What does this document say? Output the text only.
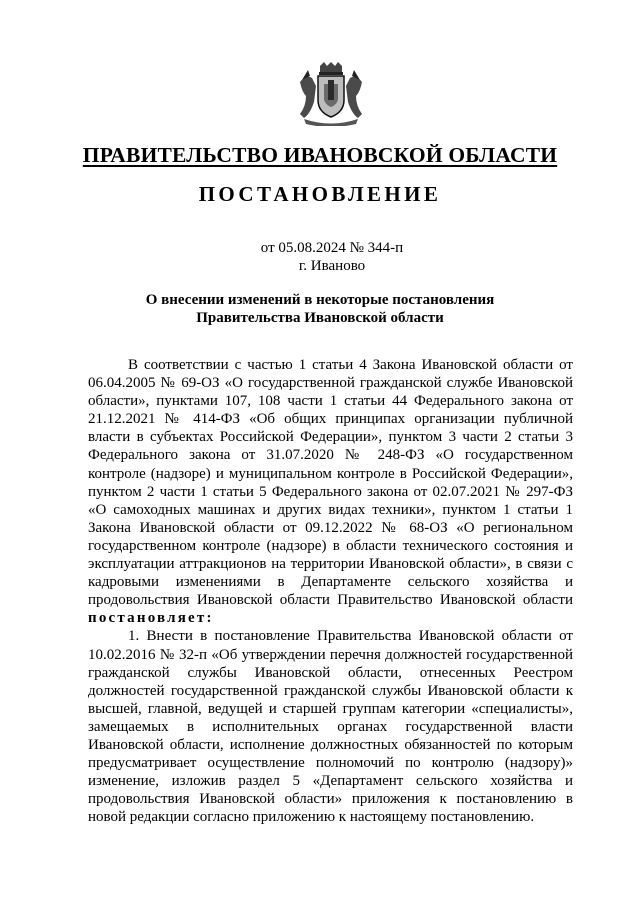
ПРАВИТЕЛЬСТВО ИВАНОВСКОЙ ОБЛАСТИ
ПОСТАНОВЛЕНИЕ
от 05.08.2024 № 344-п
г. Иваново
О внесении изменений в некоторые постановления
Правительства Ивановской области

В соответствии с частью 1 статьи 4 Закона Ивановской области от 06.04.2005 № 69-ОЗ «О государственной гражданской службе Ивановской области», пунктами 107, 108 части 1 статьи 44 Федерального закона от 21.12.2021 № 414-ФЗ «Об общих принципах организации публичной власти в субъектах Российской Федерации», пунктом 3 части 2 статьи 3 Федерального закона от 31.07.2020 № 248-ФЗ «О государственном контроле (надзоре) и муниципальном контроле в Российской Федерации», пунктом 2 части 1 статьи 5 Федерального закона от 02.07.2021 № 297-ФЗ «О самоходных машинах и других видах техники», пунктом 1 статьи 1 Закона Ивановской области от 09.12.2022 № 68-ОЗ «О региональном государственном контроле (надзоре) в области технического состояния и эксплуатации аттракционов на территории Ивановской области», в связи с кадровыми изменениями в Департаменте сельского хозяйства и продовольствия Ивановской области Правительство Ивановской области постановляет:

1. Внести в постановление Правительства Ивановской области от 10.02.2016 № 32-п «Об утверждении перечня должностей государственной гражданской службы Ивановской области, отнесенных Реестром должностей государственной гражданской службы Ивановской области к высшей, главной, ведущей и старшей группам категории «специалисты», замещаемых в исполнительных органах государственной власти Ивановской области, исполнение должностных обязанностей по которым предусматривает осуществление полномочий по контролю (надзору)» изменение, изложив раздел 5 «Департамент сельского хозяйства и продовольствия Ивановской области» приложения к постановлению в новой редакции согласно приложению к настоящему постановлению.
